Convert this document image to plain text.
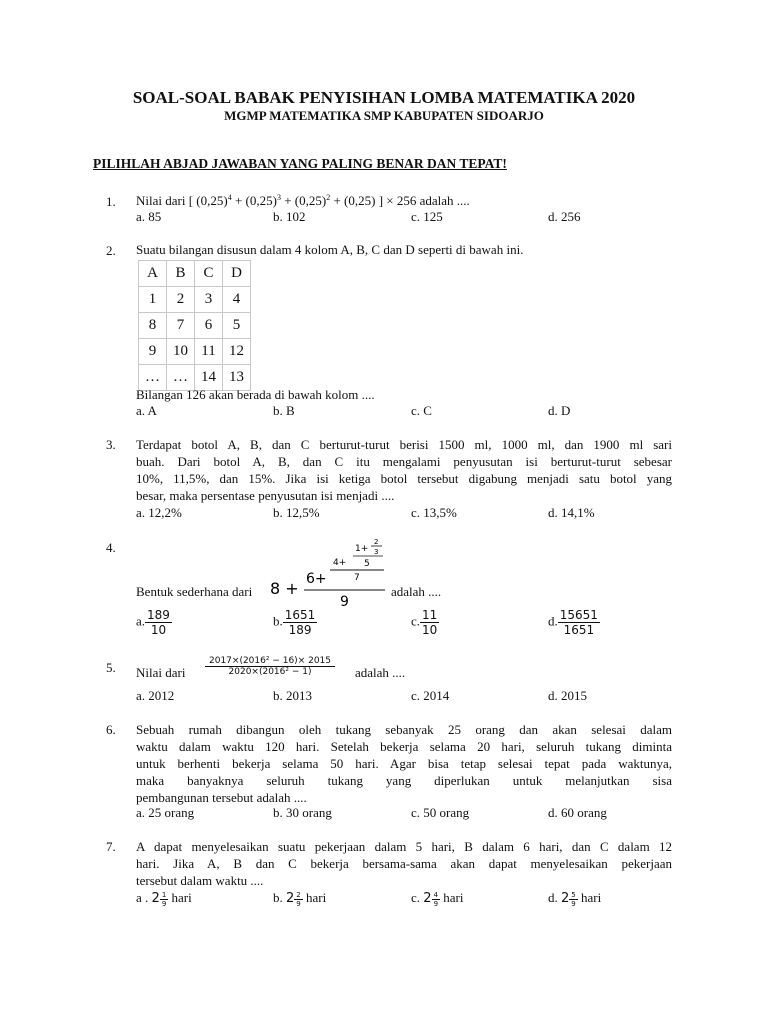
SOAL-SOAL BABAK PENYISIHAN LOMBA MATEMATIKA 2020
MGMP MATEMATIKA SMP KABUPATEN SIDOARJO
PILIHLAH ABJAD JAWABAN YANG PALING BENAR DAN TEPAT!
1. Nilai dari [ $(0,25)^4 + (0,25)^3 + (0,25)^2 + (0,25)$ ] × 256 adalah ....
a. 85	b. 102	c. 125	d. 256
2. Suatu bilangan disusun dalam 4 kolom A, B, C dan D seperti di bawah ini.
A	B	C	D
1	2	3	4
8	7	6	5
9	10	11	12
…	…	14	13
Bilangan 126 akan berada di bawah kolom ....
a. A	b. B	c. C	d. D
3. Terdapat botol A, B, dan C berturut-turut berisi 1500 ml, 1000 ml, dan 1900 ml sari
buah. Dari botol A, B, dan C itu mengalami penyusutan isi berturut-turut sebesar
10%, 11,5%, dan 15%. Jika isi ketiga botol tersebut digabung menjadi satu botol yang
besar, maka persentase penyusutan isi menjadi ....
a. 12,2%	b. 12,5%	c. 13,5%	d. 14,1%
4.
Bentuk sederhana dari 8 + 6+
4+
1+
2
3
5
7
9
adalah ....
a. $\frac{189}{10}$	b. $\frac{1651}{189}$	c. $\frac{11}{10}$	d. $\frac{15651}{1651}$
5. Nilai dari $\frac{\text{2017×(2016² − 16)× 2015}}{\text{2020×(2016² − 1)}}$ adalah ....
a. 2012	b. 2013	c. 2014	d. 2015
6. Sebuah rumah dibangun oleh tukang sebanyak 25 orang dan akan selesai dalam
waktu dalam waktu 120 hari. Setelah bekerja selama 20 hari, seluruh tukang diminta
untuk berhenti bekerja selama 50 hari. Agar bisa tetap selesai tepat pada waktunya,
maka banyaknya seluruh tukang yang diperlukan untuk melanjutkan sisa
pembangunan tersebut adalah ....
a. 25 orang	b. 30 orang	c. 50 orang	d. 60 orang
7. A dapat menyelesaikan suatu pekerjaan dalam 5 hari, B dalam 6 hari, dan C dalam 12
hari. Jika A, B dan C bekerja bersama-sama akan dapat menyelesaikan pekerjaan
tersebut dalam waktu ....
a . $2 \frac{1}{9}$ hari	b. $2 \frac{2}{9}$ hari	c. $2 \frac{4}{9}$ hari	d. $2 \frac{5}{9}$ hari
